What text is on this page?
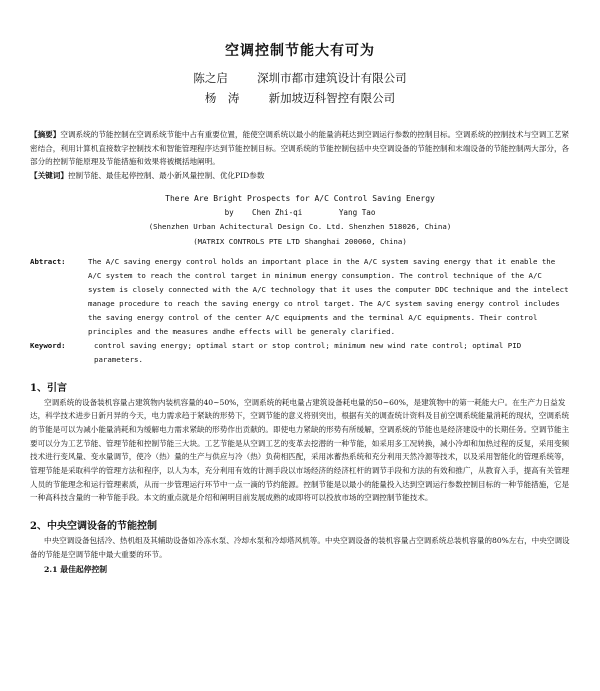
空调控制节能大有可为
陈之启	深圳市都市建筑设计有限公司
杨　涛	新加坡迈科智控有限公司
【摘要】空调系统的节能控制在空调系统节能中占有重要位置，能使空调系统以最小的能量消耗达到空调运行参数的控制目标。空调系统的控制技术与空调工艺紧密结合，利用计算机直接数字控制技术和智能管理程序达到节能控制目标。空调系统的节能控制包括中央空调设备的节能控制和末端设备的节能控制两大部分，各部分的控制节能原理及节能措施和效果将被概括地阐明。
【关键词】控制节能、最佳起停控制、最小新风量控制、优化PID参数
There Are Bright Prospects for A/C Control Saving Energy
by    Chen Zhi-qi        Yang Tao
(Shenzhen Urban Achitectural Design Co. Ltd. Shenzhen 518026, China)
(MATRIX CONTROLS PTE LTD Shanghai 200060, China)
Abtract:	The A/C saving energy control holds an important place in the A/C system saving energy that it enable the A/C system to reach the control target in minimum energy consumption. The control technique of the A/C system is closely connected with the A/C technology that it uses the computer DDC technique and the intelect manage procedure to reach the saving energy co ntrol target. The A/C system saving energy control includes the saving energy control of the center A/C equipments and the terminal A/C equipments. Their control principles and the measures andhe effects will be generaly clarified.
Keyword:	control saving energy; optimal start or stop control; minimum new wind rate control; optimal PID parameters.
1、引言
空调系统的设备装机容量占建筑物内装机容量的40~50%，空调系统的耗电量占建筑设备耗电量的50~60%，是建筑物中的第一耗能大户。在生产力日益发达，科学技术进步日新月异的今天，电力需求趋于紧缺的形势下，空调节能的意义将别突出，根据有关的调查统计资料及目前空调系统能量消耗的现状，空调系统的节能是可以为减小能量消耗和为缓解电力需求紧缺的形势作出贡献的。即使电力紧缺的形势有所缓解，空调系统的节能也是经济建设中的长期任务。空调节能主要可以分为工艺节能、管理节能和控制节能三大块。工艺节能是从空调工艺的变革去挖潜的一种节能，如采用多工况转换，减小冷却和加热过程的反复，采用变频技术进行变风量、变水量调节，使冷（热）量的生产与供应与冷（热）负荷相匹配，采用冰蓄热系统和充分利用天然冷源等技术，以及采用智能化的管理系统等，管理节能是采取科学的管理方法和程序，以人为本，充分利用有效的计测手段以市场经济的经济杠杆的调节手段和方法的有效和推广，从教育入手，提高有关管理人员的节能理念和运行管理素质，从而一步管理运行环节中一点一滴的节约能源。控制节能是以最小的能量投入达到空调运行参数控制目标的一种节能措施，它是一种高科技含量的一种节能手段。本文的重点就是介绍和阐明目前发展成熟的或即将可以投放市场的空调控制节能技术。
2、中央空调设备的节能控制
中央空调设备包括冷、热机组及其辅助设备如冷冻水泵、冷却水泵和冷却塔风机等。中央空调设备的装机容量占空调系统总装机容量的80%左右，中央空调设备的节能是空调节能中最大重要的环节。
2.1 最佳起停控制
